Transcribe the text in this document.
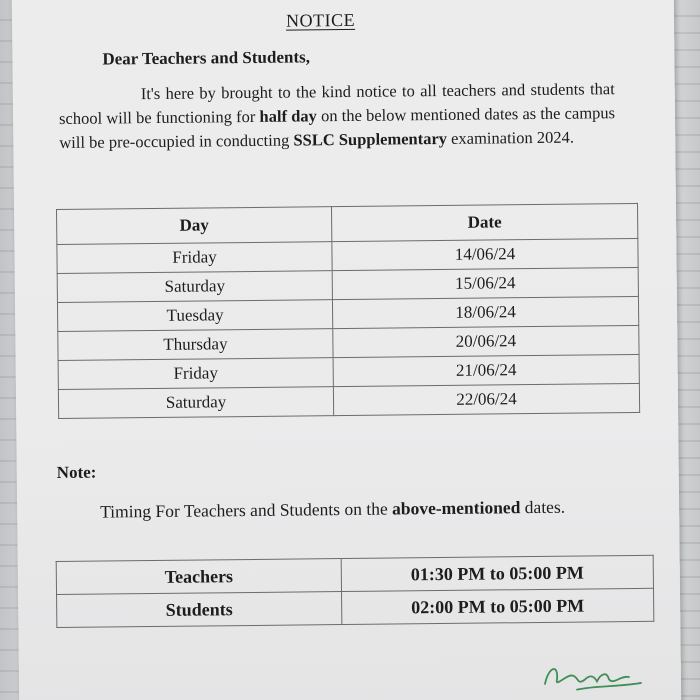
NOTICE

Dear Teachers and Students,

It's here by brought to the kind notice to all teachers and students that school will be functioning for half day on the below mentioned dates as the campus will be pre-occupied in conducting SSLC Supplementary examination 2024.

Day	Date
Friday	14/06/24
Saturday	15/06/24
Tuesday	18/06/24
Thursday	20/06/24
Friday	21/06/24
Saturday	22/06/24

Note:

Timing For Teachers and Students on the above-mentioned dates.

Teachers	01:30 PM to 05:00 PM
Students	02:00 PM to 05:00 PM
